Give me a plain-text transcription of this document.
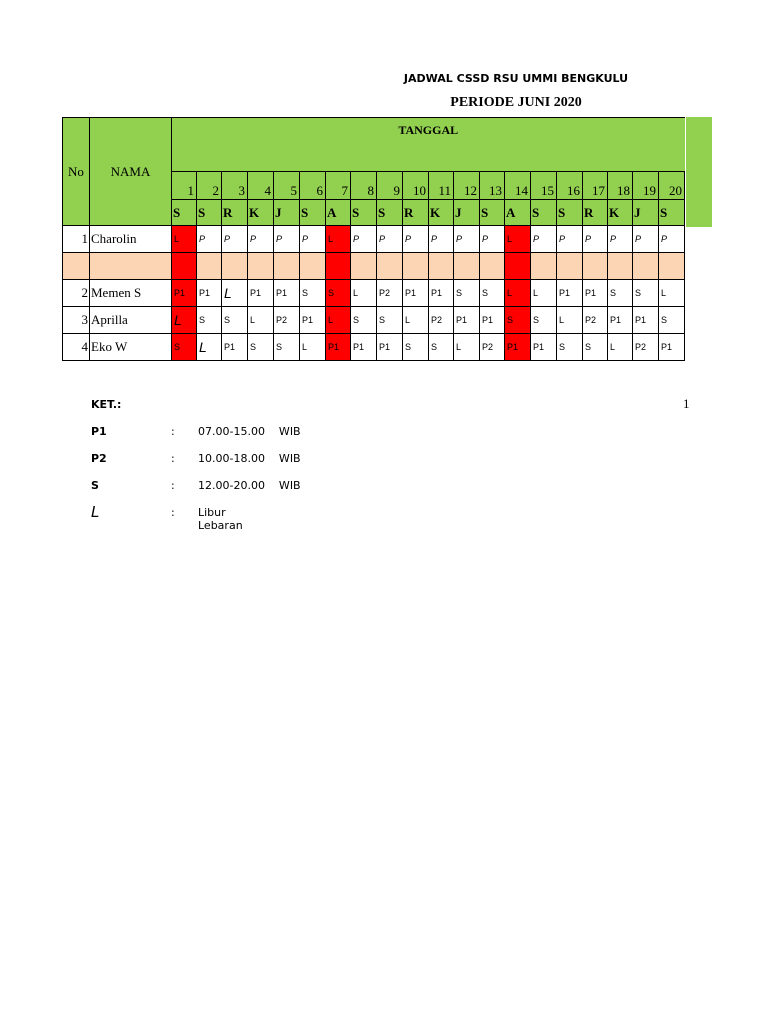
JADWAL CSSD RSU UMMI BENGKULU
PERIODE JUNI 2020
No	NAMA	TANGGAL																			
		1	2	3	4	5	6	7	8	9	10	11	12	13	14	15	16	17	18	19	20
		S	S	R	K	J	S	A	S	S	R	K	J	S	A	S	S	R	K	J	S
1	Charolin	L	P	P	P	P	P	L	P	P	P	P	P	P	L	P	P	P	P	P	P

2	Memen S	P1	P1	L	P1	P1	S	S	L	P2	P1	P1	S	S	L	L	P1	P1	S	S	L
3	Aprilla	L	S	S	L	P2	P1	L	S	S	L	P2	P1	P1	S	S	L	P2	P1	P1	S
4	Eko W	S	L	P1	S	S	L	P1	P1	P1	S	S	L	P2	P1	P1	S	S	L	P2	P1
1
KET.:
P1	: 07.00-15.00    WIB
P2	: 10.00-18.00    WIB
S	: 12.00-20.00    WIB
L	: Libur Lebaran
